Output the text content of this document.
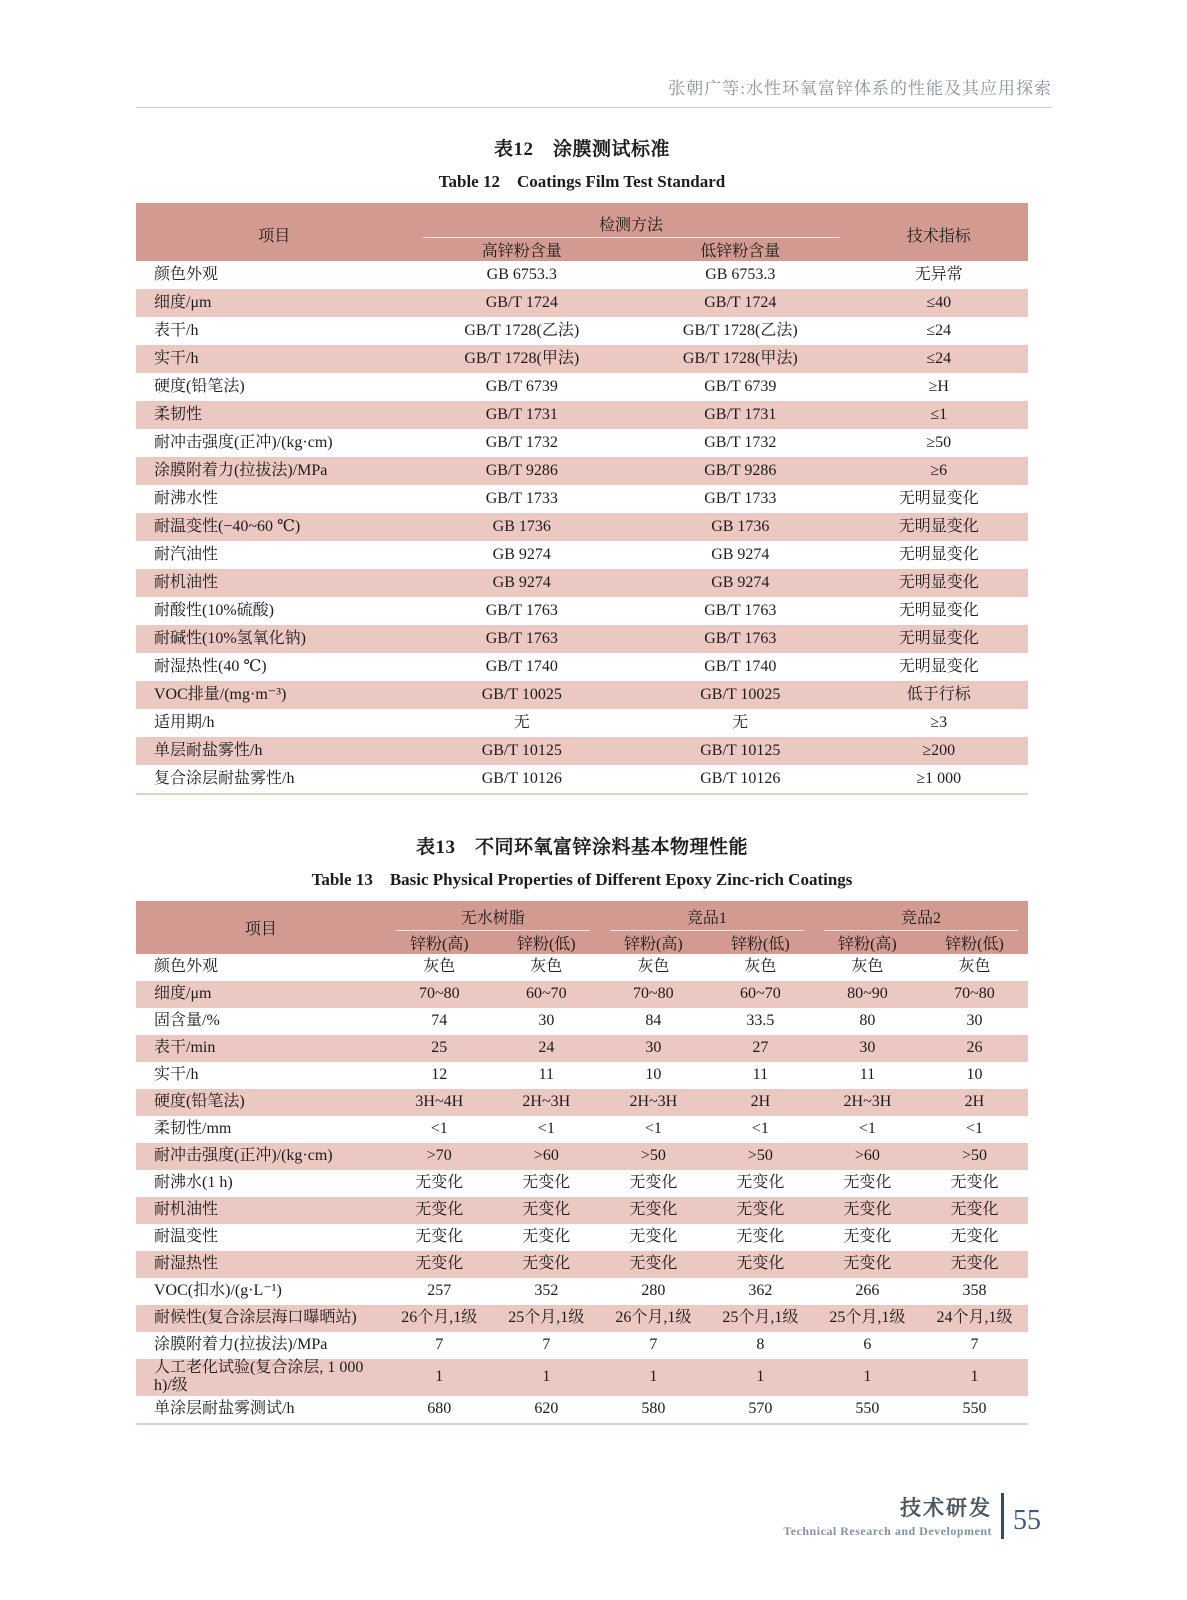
张朝广等:水性环氧富锌体系的性能及其应用探索
表12　涂膜测试标准
Table 12　Coatings Film Test Standard
项目	检测方法		技术指标
	高锌粉含量	低锌粉含量	
颜色外观	GB 6753.3	GB 6753.3	无异常
细度/μm	GB/T 1724	GB/T 1724	≤40
表干/h	GB/T 1728(乙法)	GB/T 1728(乙法)	≤24
实干/h	GB/T 1728(甲法)	GB/T 1728(甲法)	≤24
硬度(铅笔法)	GB/T 6739	GB/T 6739	≥H
柔韧性	GB/T 1731	GB/T 1731	≤1
耐冲击强度(正冲)/(kg·cm)	GB/T 1732	GB/T 1732	≥50
涂膜附着力(拉拔法)/MPa	GB/T 9286	GB/T 9286	≥6
耐沸水性	GB/T 1733	GB/T 1733	无明显变化
耐温变性(−40~60 ℃)	GB 1736	GB 1736	无明显变化
耐汽油性	GB 9274	GB 9274	无明显变化
耐机油性	GB 9274	GB 9274	无明显变化
耐酸性(10%硫酸)	GB/T 1763	GB/T 1763	无明显变化
耐碱性(10%氢氧化钠)	GB/T 1763	GB/T 1763	无明显变化
耐湿热性(40 ℃)	GB/T 1740	GB/T 1740	无明显变化
VOC排量/(mg·m⁻³)	GB/T 10025	GB/T 10025	低于行标
适用期/h	无	无	≥3
单层耐盐雾性/h	GB/T 10125	GB/T 10125	≥200
复合涂层耐盐雾性/h	GB/T 10126	GB/T 10126	≥1 000
表13　不同环氧富锌涂料基本物理性能
Table 13　Basic Physical Properties of Different Epoxy Zinc-rich Coatings
项目	无水树脂		竞品1		竞品2	

	锌粉(高)	锌粉(低)	锌粉(高)	锌粉(低)	锌粉(高)	锌粉(低)
颜色外观	灰色	灰色	灰色	灰色	灰色	灰色
细度/μm	70~80	60~70	70~80	60~70	80~90	70~80
固含量/%	74	30	84	33.5	80	30
表干/min	25	24	30	27	30	26
实干/h	12	11	10	11	11	10
硬度(铅笔法)	3H~4H	2H~3H	2H~3H	2H	2H~3H	2H
柔韧性/mm	<1	<1	<1	<1	<1	<1
耐冲击强度(正冲)/(kg·cm)	>70	>60	>50	>50	>60	>50
耐沸水(1 h)	无变化	无变化	无变化	无变化	无变化	无变化
耐机油性	无变化	无变化	无变化	无变化	无变化	无变化
耐温变性	无变化	无变化	无变化	无变化	无变化	无变化
耐湿热性	无变化	无变化	无变化	无变化	无变化	无变化
VOC(扣水)/(g·L⁻¹)	257	352	280	362	266	358
耐候性(复合涂层海口曝晒站)	26个月,1级	25个月,1级	26个月,1级	25个月,1级	25个月,1级	24个月,1级
涂膜附着力(拉拔法)/MPa	7	7	7	8	6	7
人工老化试验(复合涂层, 1 000 h)/级	1	1	1	1	1	1
单涂层耐盐雾测试/h	680	620	580	570	550	550
技术研发
Technical Research and Development 55
